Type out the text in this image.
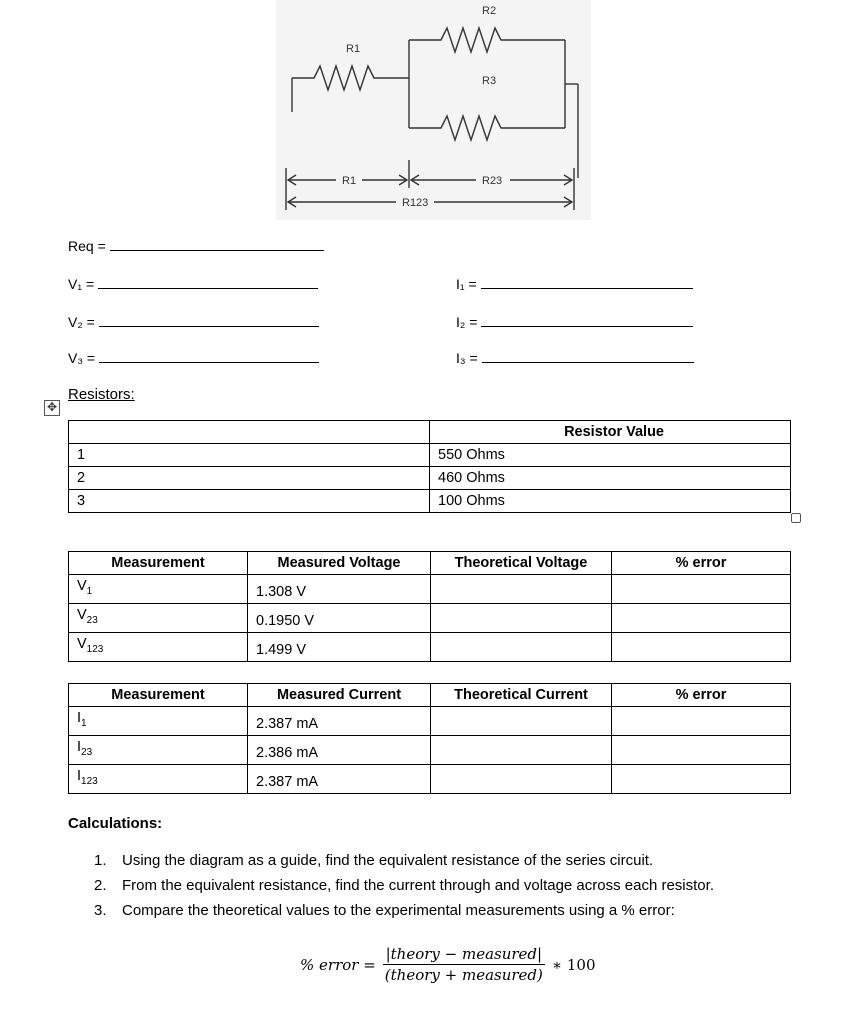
R1
R2
R3
R1	R23
R123
Req =
V₁ =
V₂ =
V₃ =
I₁ =
I₂ =
I₃ =
Resistors:
✥
	Resistor Value
1	550 Ohms
2	460 Ohms
3	100 Ohms
Measurement	Measured Voltage	Theoretical Voltage	% error
$V_1$	1.308 V		
$V_{23}$	0.1950 V		
$V_{123}$	1.499 V		
Measurement	Measured Current	Theoretical Current	% error
$I_1$	2.387 mA		
$I_{23}$	2.386 mA		
$I_{123}$	2.387 mA		
Calculations:
1.	Using the diagram as a guide, find the equivalent resistance of the series circuit.
2.	From the equivalent resistance, find the current through and voltage across each resistor.
3.	Compare the theoretical values to the experimental measurements using a % error:
% error = $\frac{\text{|theory − measured|}}{\text{(theory + measured)}}$ ∗ 100
